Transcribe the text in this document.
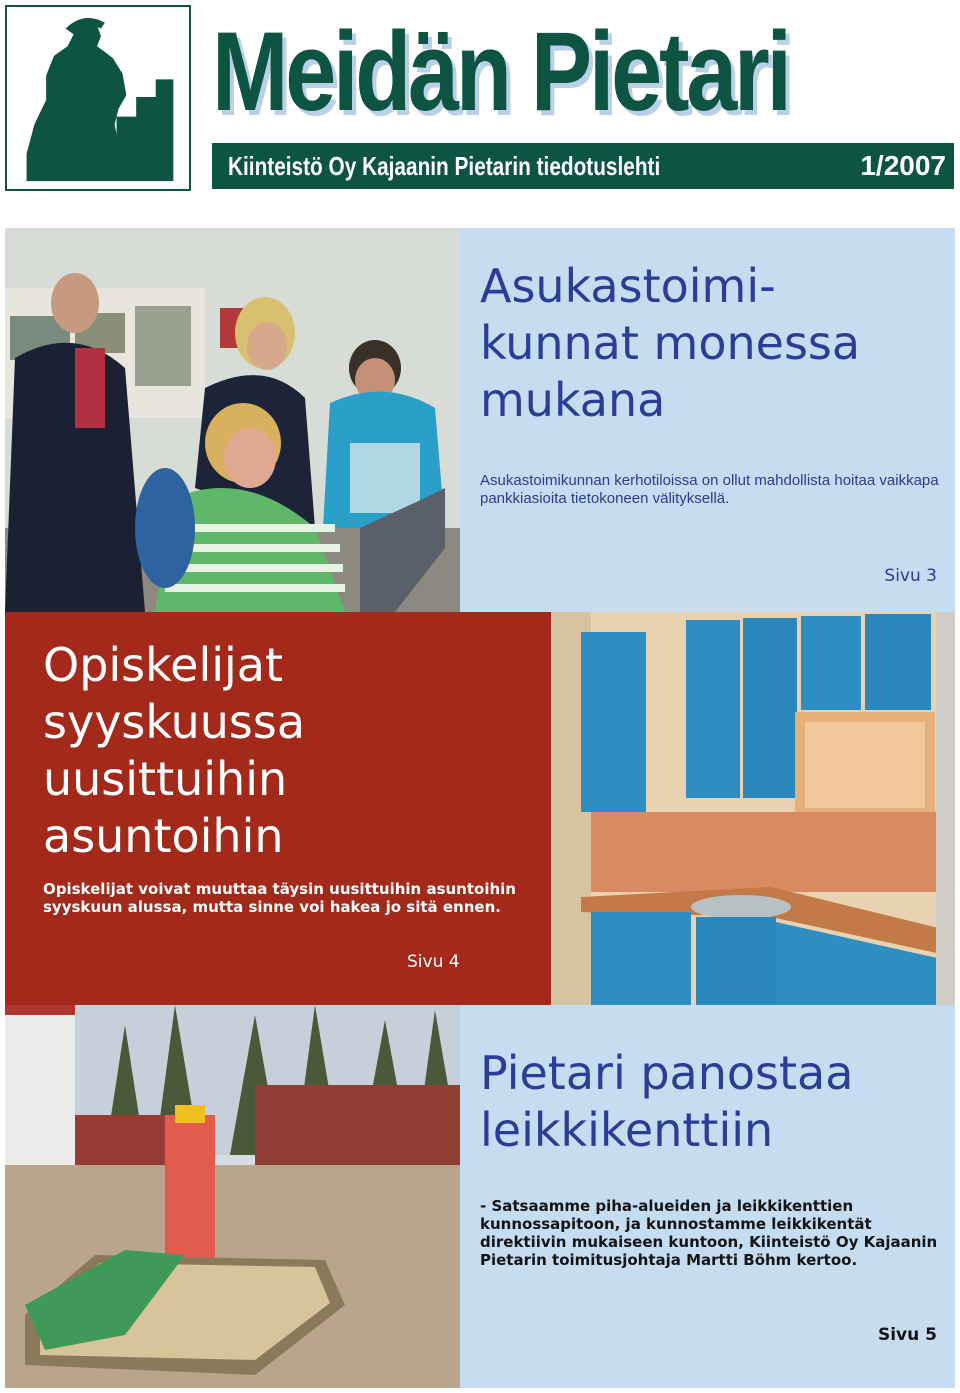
Meidän Pietari
Kiinteistö Oy Kajaanin Pietarin tiedotuslehti	1/2007

Asukastoimi-

kunnat monessa

mukana

Asukastoimikunnan kerhotiloissa on ollut mahdollista hoitaa vaikkapa pankkiasioita tietokoneen välityksellä.
Sivu 3

Opiskelijat

syyskuussa

uusittuihin

asuntoihin

Opiskelijat voivat muuttaa täysin uusittuihin asuntoihin syyskuun alussa, mutta sinne voi hakea jo sitä ennen.
Sivu 4

Pietari panostaa

leikkikenttiin

- Satsaamme piha-alueiden ja leikkikenttien kunnossapitoon, ja kunnostamme leikkikentät direktiivin mukaiseen kuntoon, Kiinteistö Oy Kajaanin Pietarin toimitusjohtaja Martti Böhm kertoo.
Sivu 5
